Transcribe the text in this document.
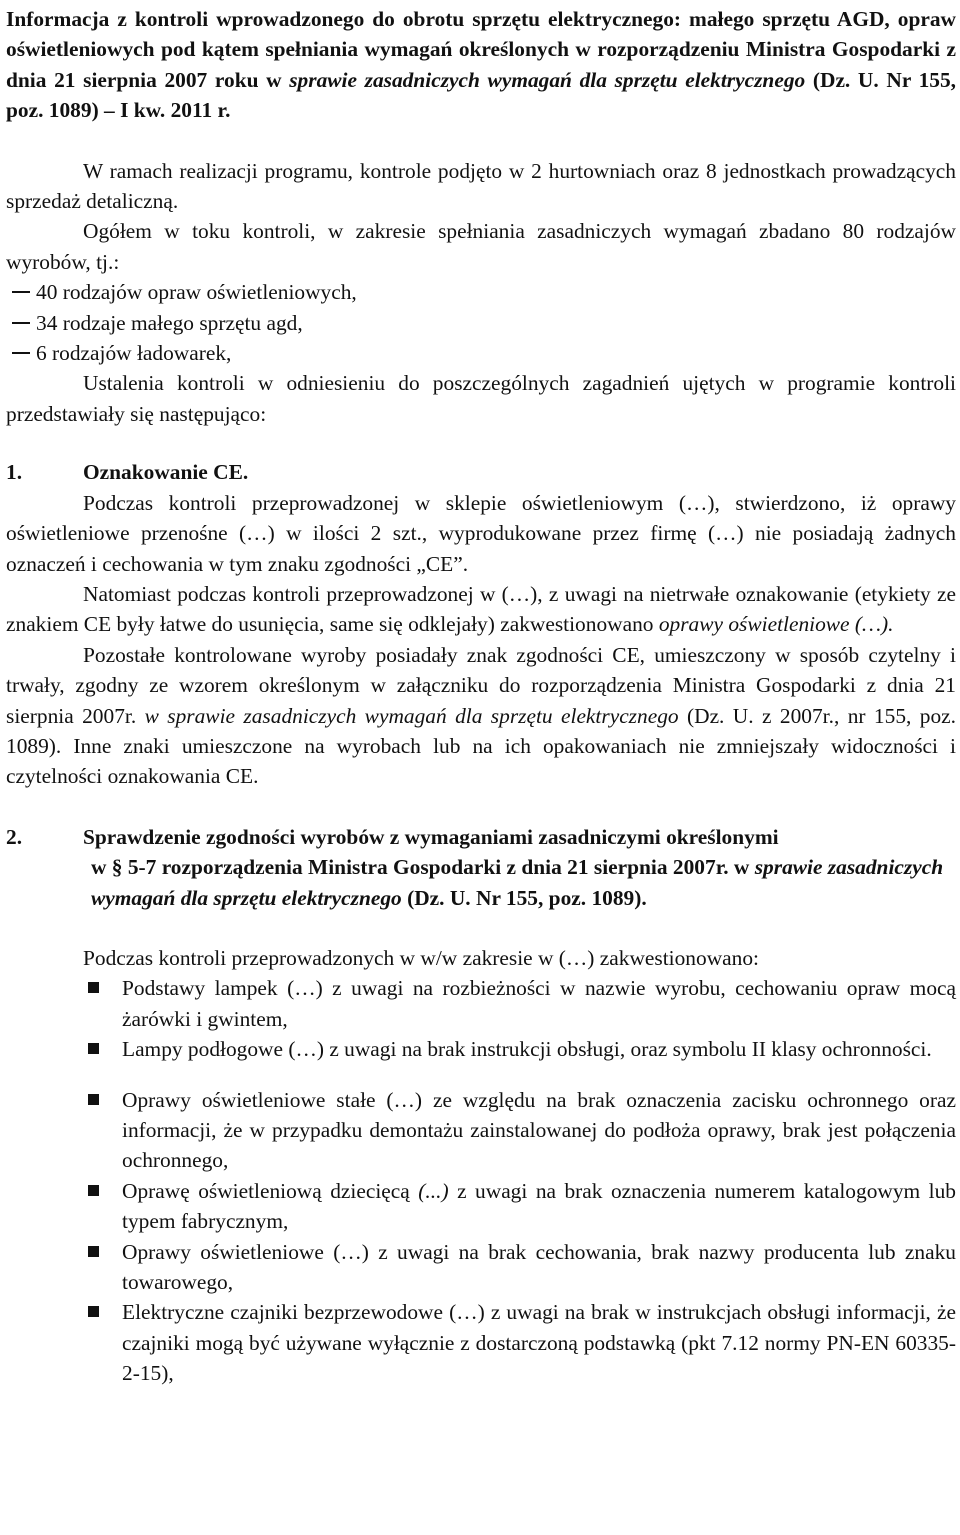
Informacja z kontroli wprowadzonego do obrotu sprzętu elektrycznego: małego sprzętu AGD, opraw oświetleniowych pod kątem spełniania wymagań określonych w rozporządzeniu Ministra Gospodarki z dnia 21 sierpnia 2007 roku w sprawie zasadniczych wymagań dla sprzętu elektrycznego (Dz. U. Nr 155, poz. 1089) – I kw. 2011 r.

W ramach realizacji programu, kontrole podjęto w 2 hurtowniach oraz 8 jednostkach prowadzących sprzedaż detaliczną.

Ogółem w toku kontroli, w zakresie spełniania zasadniczych wymagań zbadano 80 rodzajów wyrobów, tj.:

40 rodzajów opraw oświetleniowych,
34 rodzaje małego sprzętu agd,
6 rodzajów ładowarek,

Ustalenia kontroli w odniesieniu do poszczególnych zagadnień ujętych w programie kontroli przedstawiały się następująco:

1.	Oznakowanie CE.

Podczas kontroli przeprowadzonej w sklepie oświetleniowym (…), stwierdzono, iż oprawy oświetleniowe przenośne (…) w ilości 2 szt., wyprodukowane przez firmę (…) nie posiadają żadnych oznaczeń i cechowania w tym znaku zgodności „CE”.

Natomiast podczas kontroli przeprowadzonej w (…), z uwagi na nietrwałe oznakowanie (etykiety ze znakiem CE były łatwe do usunięcia, same się odklejały) zakwestionowano oprawy oświetleniowe (…).

Pozostałe kontrolowane wyroby posiadały znak zgodności CE, umieszczony w sposób czytelny i trwały, zgodny ze wzorem określonym w załączniku do rozporządzenia Ministra Gospodarki z dnia 21 sierpnia 2007r. w sprawie zasadniczych wymagań dla sprzętu elektrycznego (Dz. U. z 2007r., nr 155, poz. 1089). Inne znaki umieszczone na wyrobach lub na ich opakowaniach nie zmniejszały widoczności i czytelności oznakowania CE.

2.	Sprawdzenie zgodności wyrobów z wymaganiami zasadniczymi określonymi
w § 5-7 rozporządzenia Ministra Gospodarki z dnia 21 sierpnia 2007r. w sprawie zasadniczych wymagań dla sprzętu elektrycznego (Dz. U. Nr 155, poz. 1089).

Podczas kontroli przeprowadzonych w w/w zakresie w (…) zakwestionowano:

Podstawy lampek (…) z uwagi na rozbieżności w nazwie wyrobu, cechowaniu opraw mocą żarówki i gwintem,
Lampy podłogowe (…) z uwagi na brak instrukcji obsługi, oraz symbolu II klasy ochronności.
Oprawy oświetleniowe stałe (…) ze względu na brak oznaczenia zacisku ochronnego oraz informacji, że w przypadku demontażu zainstalowanej do podłoża oprawy, brak jest połączenia ochronnego,
Oprawę oświetleniową dziecięcą (...) z uwagi na brak oznaczenia numerem katalogowym lub typem fabrycznym,
Oprawy oświetleniowe (…) z uwagi na brak cechowania, brak nazwy producenta lub znaku towarowego,
Elektryczne czajniki bezprzewodowe (…) z uwagi na brak w instrukcjach obsługi informacji, że czajniki mogą być używane wyłącznie z dostarczoną podstawką (pkt 7.12 normy PN-EN 60335-2-15),
